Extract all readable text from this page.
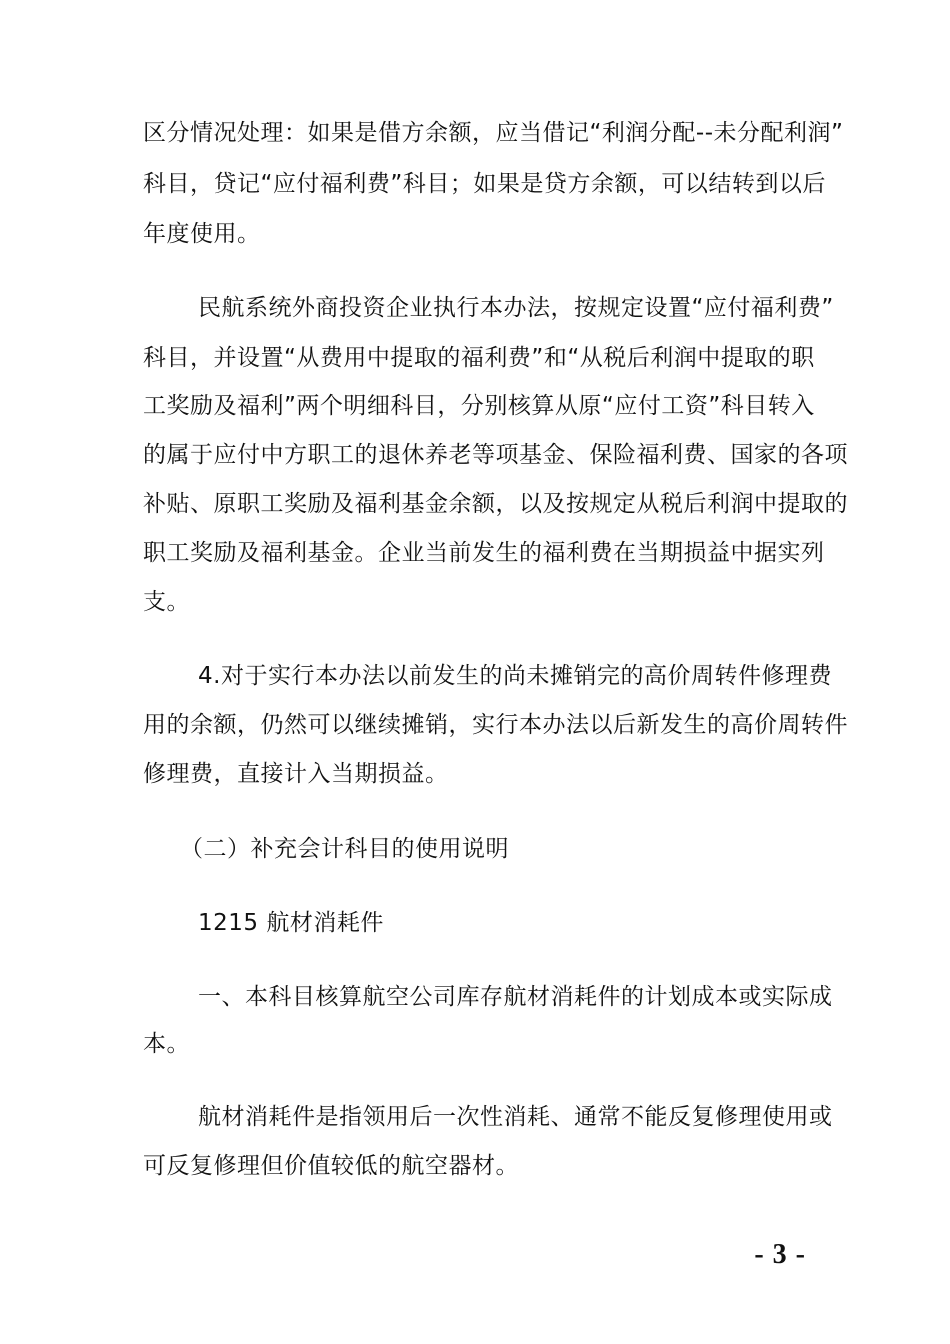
区分情况处理：如果是借方余额，应当借记“利润分配--未分配利润”
科目，贷记“应付福利费”科目；如果是贷方余额，可以结转到以后
年度使用。
民航系统外商投资企业执行本办法，按规定设置“应付福利费”
科目，并设置“从费用中提取的福利费”和“从税后利润中提取的职
工奖励及福利”两个明细科目，分别核算从原“应付工资”科目转入
的属于应付中方职工的退休养老等项基金、保险福利费、国家的各项
补贴、原职工奖励及福利基金余额，以及按规定从税后利润中提取的
职工奖励及福利基金。企业当前发生的福利费在当期损益中据实列
支。
4.对于实行本办法以前发生的尚未摊销完的高价周转件修理费
用的余额，仍然可以继续摊销，实行本办法以后新发生的高价周转件
修理费，直接计入当期损益。
（二）补充会计科目的使用说明
1215 航材消耗件
一、本科目核算航空公司库存航材消耗件的计划成本或实际成
本。
航材消耗件是指领用后一次性消耗、通常不能反复修理使用或
可反复修理但价值较低的航空器材。
- 3 -
